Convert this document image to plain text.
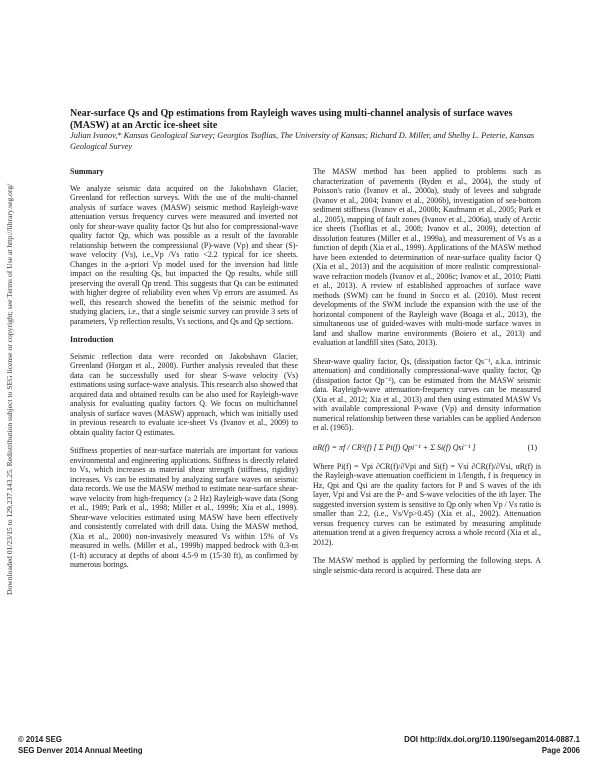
Downloaded 01/23/15 to 129.237.143.25. Redistribution subject to SEG license or copyright; see Terms of Use at http://library.seg.org/
Near-surface Qs and Qp estimations from Rayleigh waves using multi-channel analysis of surface waves (MASW) at an Arctic ice-sheet site
Julian Ivanov,* Kansas Geological Survey; Georgios Tsoflias, The University of Kansas; Richard D. Miller, and Shelby L. Peterie, Kansas Geological Survey
Summary

We analyze seismic data acquired on the Jakobshavn Glacier, Greenland for reflection surveys. With the use of the multi-channel analysis of surface waves (MASW) seismic method Rayleigh-wave attenuation versus frequency curves were measured and inverted not only for shear-wave quality factor Qs but also for compressional-wave quality factor Qp, which was possible as a result of the favorable relationship between the compressional (P)-wave (Vp) and shear (S)-wave velocity (Vs), i.e.,Vp /Vs ratio <2.2 typical for ice sheets. Changes in the a-priori Vp model used for the inversion had little impact on the resulting Qs, but impacted the Qp results, while still preserving the overall Qp trend. This suggests that Qs can be estimated with higher degree of reliability even when Vp errors are assumed. As well, this research showed the benefits of the seismic method for studying glaciers, i.e., that a single seismic survey can provide 3 sets of parameters, Vp reflection results, Vs sections, and Qs and Qp sections.

Introduction

Seismic reflection data were recorded on Jakobshavn Glacier, Greenland (Horgan et al., 2008). Further analysis revealed that these data can be successfully used for shear S-wave velocity (Vs) estimations using surface-wave analysis. This research also showed that acquired data and obtained results can be also used for Rayleigh-wave analysis for evaluating quality factors Q. We focus on multichannel analysis of surface waves (MASW) approach, which was initially used in previous research to evaluate ice-sheet Vs (Ivanov et al., 2009) to obtain quality factor Q estimates.

Stiffness properties of near-surface materials are important for various environmental and engineering applications. Stiffness is directly related to Vs, which increases as material shear strength (stiffness, rigidity) increases. Vs can be estimated by analyzing surface waves on seismic data records. We use the MASW method to estimate near-surface shear-wave velocity from high-frequency (≥ 2 Hz) Rayleigh-wave data (Song et al., 1989; Park et al., 1998; Miller et al., 1999b; Xia et al., 1999). Shear-wave velocities estimated using MASW have been effectively and consistently correlated with drill data. Using the MASW method, (Xia et al., 2000) non-invasively measured Vs within 15% of Vs measured in wells. (Miller et al., 1999b) mapped bedrock with 0.3-m (1-ft) accuracy at depths of about 4.5-9 m (15-30 ft), as confirmed by numerous borings.

The MASW method has been applied to problems such as characterization of pavements (Ryden et al., 2004), the study of Poisson's ratio (Ivanov et al., 2000a), study of levees and subgrade (Ivanov et al., 2004; Ivanov et al., 2006b), investigation of sea-bottom sediment stiffness (Ivanov et al., 2000b; Kaufmann et al., 2005; Park et al., 2005), mapping of fault zones (Ivanov et al., 2006a), study of Arctic ice sheets (Tsoflias et al., 2008; Ivanov et al., 2009), detection of dissolution features (Miller et al., 1999a), and measurement of Vs as a function of depth (Xia et al., 1999). Applications of the MASW method have been extended to determination of near-surface quality factor Q (Xia et al., 2013) and the acquisition of more realistic compressional-wave refraction models (Ivanov et al., 2006c; Ivanov et al., 2010; Piatti et al., 2013). A review of established approaches of surface wave methods (SWM) can be found in Socco et al. (2010). Most recent developments of the SWM include the expansion with the use of the horizontal component of the Rayleigh wave (Boaga et al., 2013), the simultaneous use of guided-waves with multi-mode surface waves in land and shallow marine environments (Boiero et al., 2013) and evaluation at landfill sites (Sato, 2013).

Shear-wave quality factor, Qs, (dissipation factor Qs⁻¹, a.k.a. intrinsic attenuation) and conditionally compressional-wave quality factor, Qp (dissipation factor Qp⁻¹), can be estimated from the MASW seismic data. Rayleigh-wave attenuation-frequency curves can be measured (Xia et al., 2012; Xia et al., 2013) and then using estimated MASW Vs with available compressional P-wave (Vp) and density information numerical relationship between these variables can be applied Anderson et al. (1965).

αR(f) = πf / CR²(f) [ Σ Pi(f) Qpi⁻¹ + Σ Si(f) Qsi⁻¹ ]	(1)

Where Pi(f) = Vpi ∂CR(f)/∂Vpi and Si(f) = Vsi ∂CR(f)/∂Vsi, αR(f) is the Rayleigh-wave attenuation coefficient in 1/length, f is frequency in Hz, Qpi and Qsi are the quality factors for P and S waves of the ith layer, Vpi and Vsi are the P- and S-wave velocities of the ith layer. The suggested inversion system is sensitive to Qp only when Vp / Vs ratio is smaller than 2.2, (i.e., Vs/Vp>0.45) (Xia et al., 2002). Attenuation versus frequency curves can be estimated by measuring amplitude attenuation trend at a given frequency across a whole record (Xia et al., 2012).

The MASW method is applied by performing the following steps. A single seismic-data record is acquired. These data are

© 2014 SEG
SEG Denver 2014 Annual Meeting
DOI http://dx.doi.org/10.1190/segam2014-0887.1
Page 2006
